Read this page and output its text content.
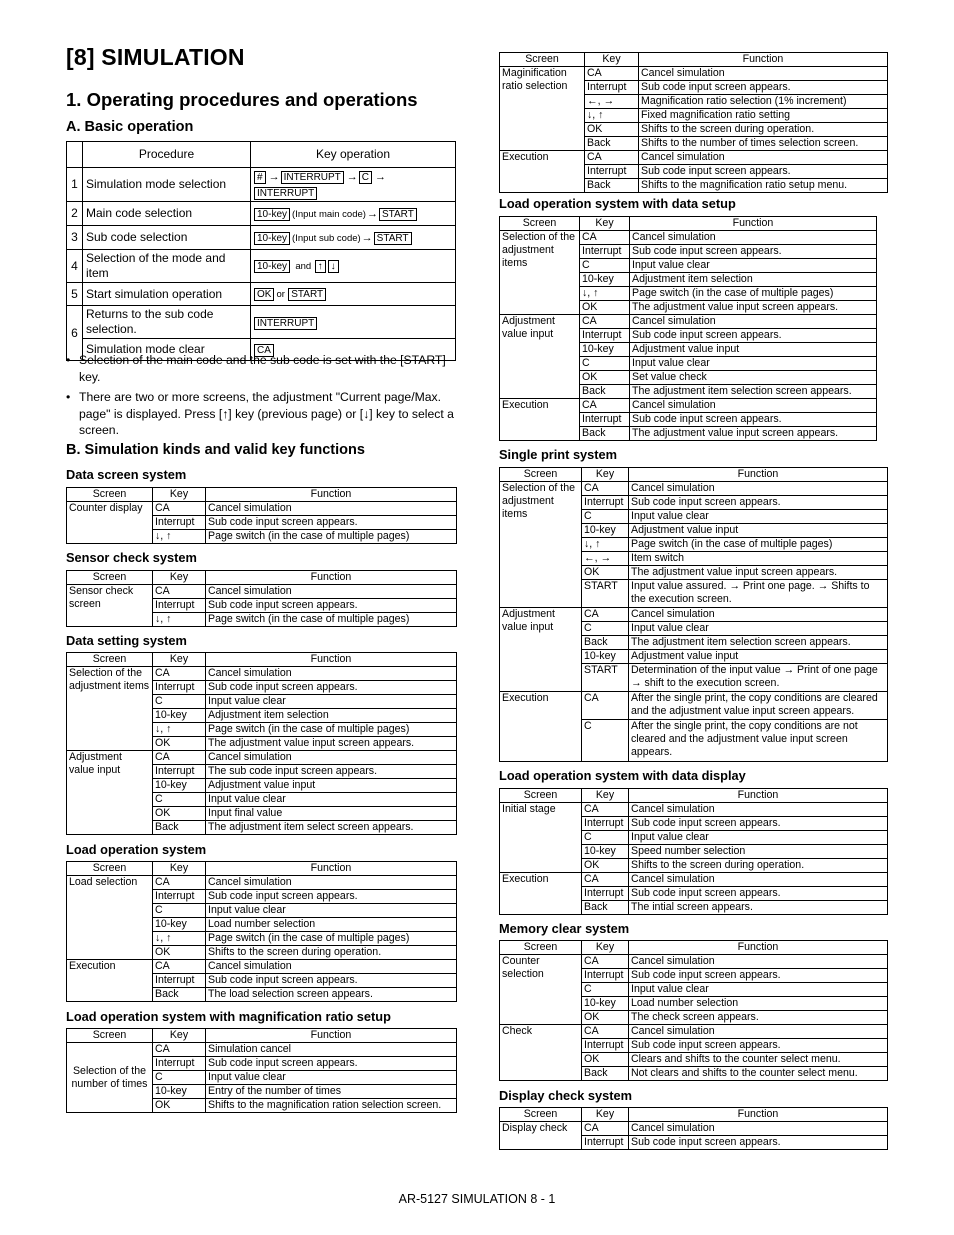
[8] SIMULATION
1. Operating procedures and operations
A. Basic operation
	Procedure	Key operation
1	Simulation mode selection	# → INTERRUPT → C →INTERRUPT
2	Main code selection	10-key (Input main code)→ START
3	Sub code selection	10-key (Input sub code)→ START
4	Selection of the mode and item	10-key and ↑ ↓
5	Start simulation operation	OK or START
6	Returns to the sub code selection.	INTERRUPT
	Simulation mode clear	CA
• Selection of the main code and the sub code is set with the [START] key.
• There are two or more screens, the adjustment "Current page/Max. page" is displayed. Press [↑] key (previous page) or [↓] key to select a screen.
B. Simulation kinds and valid key functions
Data screen system
Screen	Key	Function
Counter display	CA	Cancel simulation
	Interrupt	Sub code input screen appears.
	↓, ↑	Page switch (in the case of multiple pages)
Sensor check system
Screen	Key	Function
Sensor check screen	CA	Cancel simulation
	Interrupt	Sub code input screen appears.
	↓, ↑	Page switch (in the case of multiple pages)
Data setting system
Screen	Key	Function
Selection of the adjustment items	CA	Cancel simulation
	Interrupt	Sub code input screen appears.
	C	Input value clear
	10-key	Adjustment item selection
	↓, ↑	Page switch (in the case of multiple pages)
	OK	The adjustment value input screen appears.
Adjustment value input	CA	Cancel simulation
	Interrupt	The sub code input screen appears.
	10-key	Adjustment value input
	C	Input value clear
	OK	Input final value
	Back	The adjustment item select screen appears.
Load operation system
Screen	Key	Function
Load selection	CA	Cancel simulation
	Interrupt	Sub code input screen appears.
	C	Input value clear
	10-key	Load number selection
	↓, ↑	Page switch (in the case of multiple pages)
	OK	Shifts to the screen during operation.
Execution	CA	Cancel simulation
	Interrupt	Sub code input screen appears.
	Back	The load selection screen appears.
Load operation system with magnification ratio setup
Screen	Key	Function
Selection of the number of times	CA	Simulation cancel
	Interrupt	Sub code input screen appears.
	C	Input value clear
	10-key	Entry of the number of times
	OK	Shifts to the magnification ration selection screen.
Screen	Key	Function
Maginification ratio selection	CA	Cancel simulation
	Interrupt	Sub code input screen appears.
	←, →	Magnification ratio selection (1% increment)
	↓, ↑	Fixed magnification ratio setting
	OK	Shifts to the screen during operation.
	Back	Shifts to the number of times selection screen.
Execution	CA	Cancel simulation
	Interrupt	Sub code input screen appears.
	Back	Shifts to the magnification ratio setup menu.
Load operation system with data setup
Screen	Key	Function
Selection of the adjustment items	CA	Cancel simulation
	Interrupt	Sub code input screen appears.
	C	Input value clear
	10-key	Adjustment item selection
	↓, ↑	Page switch (in the case of multiple pages)
	OK	The adjustment value input screen appears.
Adjustment value input	CA	Cancel simulation
	Interrupt	Sub code input screen appears.
	10-key	Adjustment value input
	C	Input value clear
	OK	Set value check
	Back	The adjustment item selection screen appears.
Execution	CA	Cancel simulation
	Interrupt	Sub code input screen appears.
	Back	The adjustment value input screen appears.
Single print system
Screen	Key	Function
Selection of the adjustment items	CA	Cancel simulation
	Interrupt	Sub code input screen appears.
	C	Input value clear
	10-key	Adjustment value input
	↓, ↑	Page switch (in the case of multiple pages)
	←, →	Item switch
	OK	The adjustment value input screen appears.
	START	Input value assured. → Print one page. → Shifts to the execution screen.
Adjustment value input	CA	Cancel simulation
	C	Input value clear
	Back	The adjustment item selection screen appears.
	10-key	Adjustment value input
	START	Determination of the input value → Print of one page → shift to the execution screen.
Execution	CA	After the single print, the copy conditions are cleared and the adjustment value input screen appears.
	C	After the single print, the copy conditions are not cleared and the adjustment value input screen appears.
Load operation system with data display
Screen	Key	Function
Initial stage	CA	Cancel simulation
	Interrupt	Sub code input screen appears.
	C	Input value clear
	10-key	Speed number selection
	OK	Shifts to the screen during operation.
Execution	CA	Cancel simulation
	Interrupt	Sub code input screen appears.
	Back	The intial screen appears.
Memory clear system
Screen	Key	Function
Counter selection	CA	Cancel simulation
	Interrupt	Sub code input screen appears.
	C	Input value clear
	10-key	Load number selection
	OK	The check screen appears.
Check	CA	Cancel simulation
	Interrupt	Sub code input screen appears.
	OK	Clears and shifts to the counter select menu.
	Back	Not clears and shifts to the counter select menu.
Display check system
Screen	Key	Function
Display check	CA	Cancel simulation
	Interrupt	Sub code input screen appears.
AR-5127 SIMULATION 8 - 1
